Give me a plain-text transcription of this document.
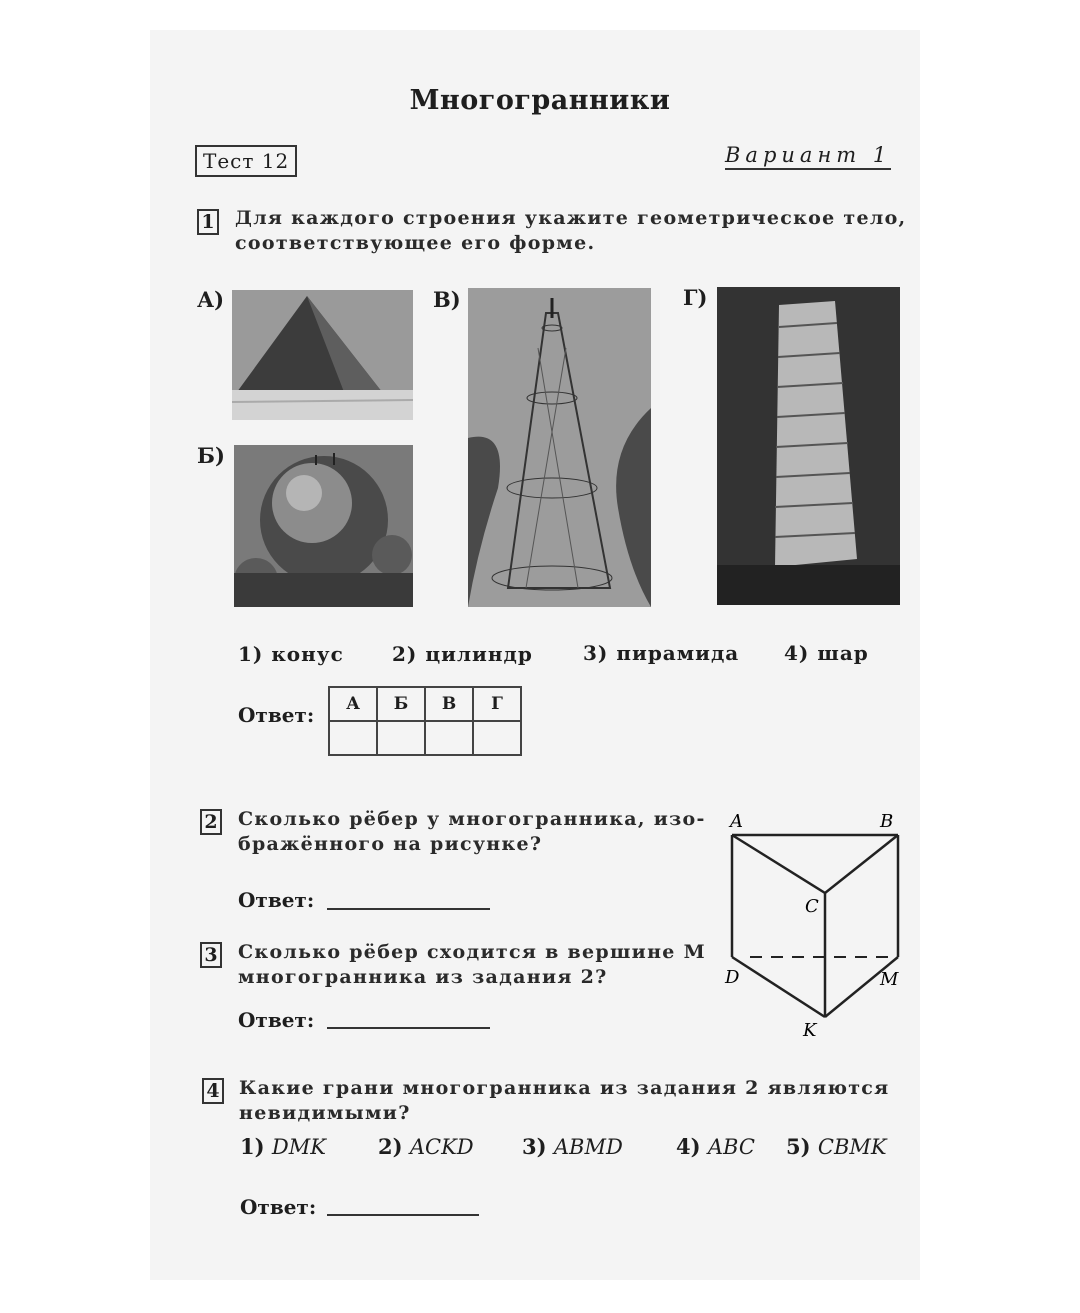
Многогранники
Тест 12	Вариант 1
1 Для каждого строения укажите геометрическое тело,
соответствующее его форме.
А)
Б)
В)	Г)
1) конус 2) цилиндр	3) пирамида 4) шар
Ответ: А	Б	В	Г

2 Сколько рёбер у многогранника, изо-
бражённого на рисунке?
Ответ:
3 Сколько рёбер сходится в вершине M
многогранника из задания 2?
Ответ:
A	B
C
D	M
K
4 Какие грани многогранника из задания 2 являются
невидимыми?
1) DMK 2) ACKD 3) ABMD	4) ABC 5) CBMK
Ответ:
